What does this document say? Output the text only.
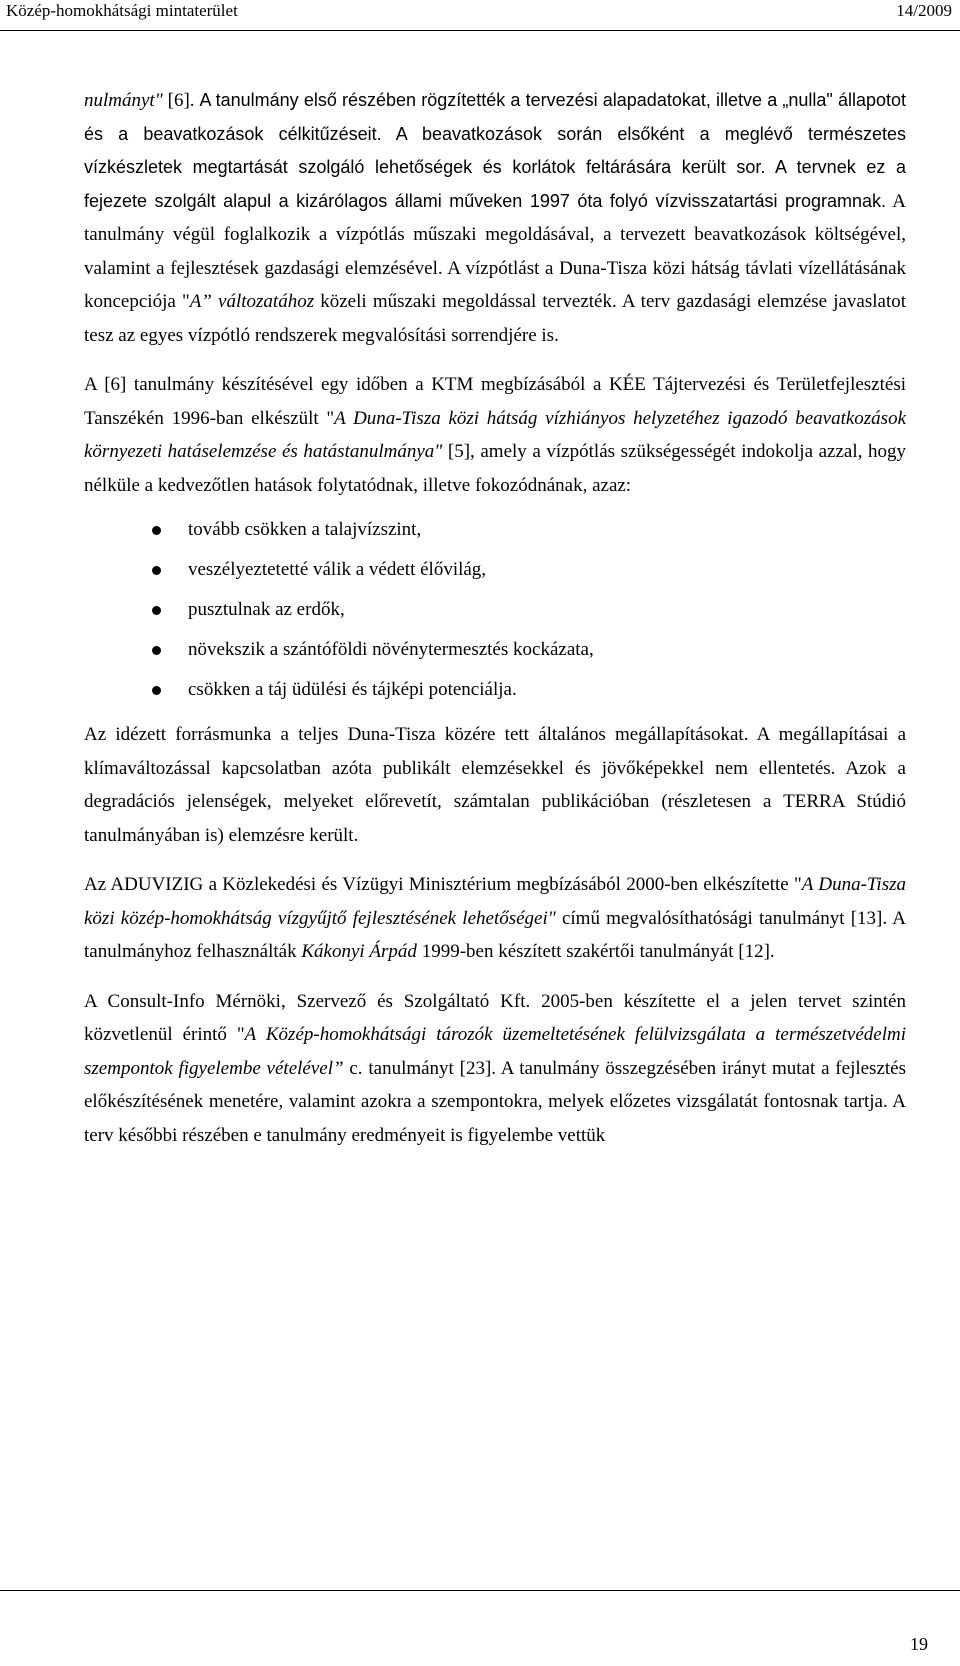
Közép-homokhátsági mintaterület	14/2009

nulmányt" [6]. A tanulmány első részében rögzítették a tervezési alapadatokat, illetve a „nulla" állapotot és a beavatkozások célkitűzéseit. A beavatkozások során elsőként a meglévő természetes vízkészletek megtartását szolgáló lehetőségek és korlátok feltárására került sor. A tervnek ez a fejezete szolgált alapul a kizárólagos állami műveken 1997 óta folyó vízvisszatartási programnak. A tanulmány végül foglalkozik a vízpótlás műszaki megoldásával, a tervezett beavatkozások költségével, valamint a fejlesztések gazdasági elemzésével. A vízpótlást a Duna-Tisza közi hátság távlati vízellátásának koncepciója "A” változatához közeli műszaki megoldással tervezték. A terv gazdasági elemzése javaslatot tesz az egyes vízpótló rendszerek megvalósítási sorrendjére is.

A [6] tanulmány készítésével egy időben a KTM megbízásából a KÉE Tájtervezési és Területfejlesztési Tanszékén 1996-ban elkészült "A Duna-Tisza közi hátság vízhiányos helyzetéhez igazodó beavatkozások környezeti hatáselemzése és hatástanulmánya" [5], amely a vízpótlás szükségességét indokolja azzal, hogy nélküle a kedvezőtlen hatások folytatódnak, illetve fokozódnának, azaz:

tovább csökken a talajvízszint,
veszélyeztetetté válik a védett élővilág,
pusztulnak az erdők,
növekszik a szántóföldi növénytermesztés kockázata,
csökken a táj üdülési és tájképi potenciálja.

Az idézett forrásmunka a teljes Duna-Tisza közére tett általános megállapításokat. A megállapításai a klímaváltozással kapcsolatban azóta publikált elemzésekkel és jövőképekkel nem ellentetés. Azok a degradációs jelenségek, melyeket előrevetít, számtalan publikációban (részletesen a TERRA Stúdió tanulmányában is) elemzésre került.

Az ADUVIZIG a Közlekedési és Vízügyi Minisztérium megbízásából 2000-ben elkészítette "A Duna-Tisza közi közép-homokhátság vízgyűjtő fejlesztésének lehetőségei" című megvalósíthatósági tanulmányt [13]. A tanulmányhoz felhasználták Kákonyi Árpád 1999-ben készített szakértői tanulmányát [12].

A Consult-Info Mérnöki, Szervező és Szolgáltató Kft. 2005-ben készítette el a jelen tervet szintén közvetlenül érintő "A Közép-homokhátsági tározók üzemeltetésének felülvizsgálata a természetvédelmi szempontok figyelembe vételével” c. tanulmányt [23]. A tanulmány összegzésében irányt mutat a fejlesztés előkészítésének menetére, valamint azokra a szempontokra, melyek előzetes vizsgálatát fontosnak tartja. A terv későbbi részében e tanulmány eredményeit is figyelembe vettük

19
